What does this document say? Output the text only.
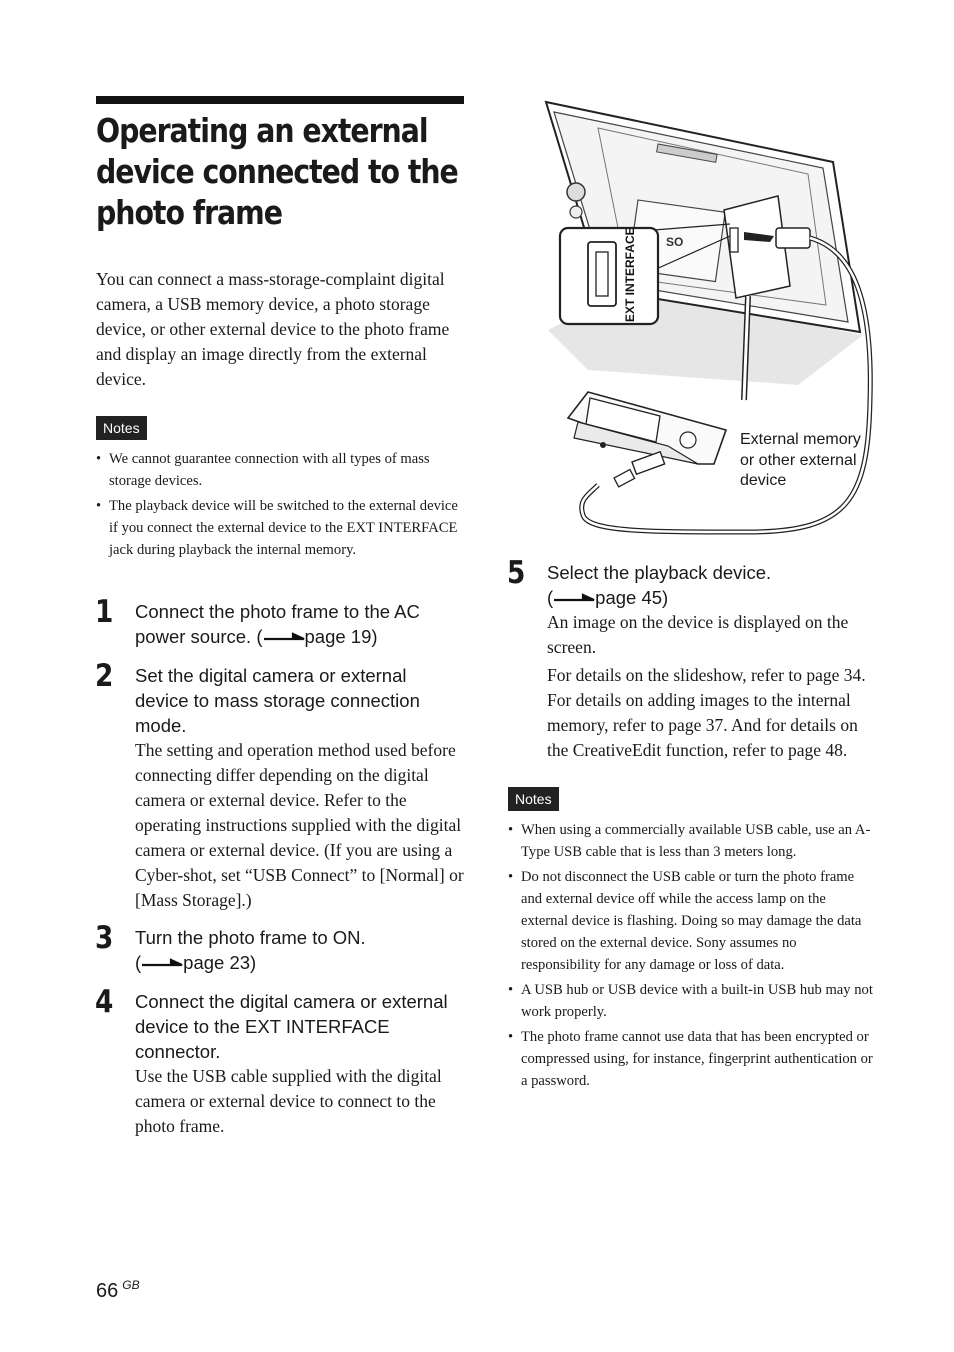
Operating an external
device connected to the
photo frame
You can connect a mass-storage-complaint digital camera, a USB memory device, a photo storage device, or other external device to the photo frame and display an image directly from the external device.
Notes
• We cannot guarantee connection with all types of mass storage devices.
• The playback device will be switched to the external device if you connect the external device to the EXT INTERFACE jack during playback the internal memory.
1 Connect the photo frame to the AC power source. ( page 19)
2 Set the digital camera or external device to mass storage connection mode.

The setting and operation method used before connecting differ depending on the digital camera or external device. Refer to the operating instructions supplied with the digital camera or external device. (If you are using a Cyber-shot, set “USB Connect” to [Normal] or [Mass Storage].)

3 Turn the photo frame to ON.
( page 23)
4 Connect the digital camera or external device to the EXT INTERFACE connector.

Use the USB cable supplied with the digital camera or external device to connect to the photo frame.

SO
EXT INTERFACE
External memory or other external device
5 Select the playback device.
( page 45)

An image on the device is displayed on the screen.

For details on the slideshow, refer to page 34. For details on adding images to the internal memory, refer to page 37. And for details on the CreativeEdit function, refer to page 48.

Notes
• When using a commercially available USB cable, use an A-Type USB cable that is less than 3 meters long.
• Do not disconnect the USB cable or turn the photo frame and external device off while the access lamp on the external device is flashing. Doing so may damage the data stored on the external device. Sony assumes no responsibility for any damage or loss of data.
• A USB hub or USB device with a built-in USB hub may not work properly.
• The photo frame cannot use data that has been encrypted or compressed using, for instance, fingerprint authentication or a password.
66 $^{GB}$
